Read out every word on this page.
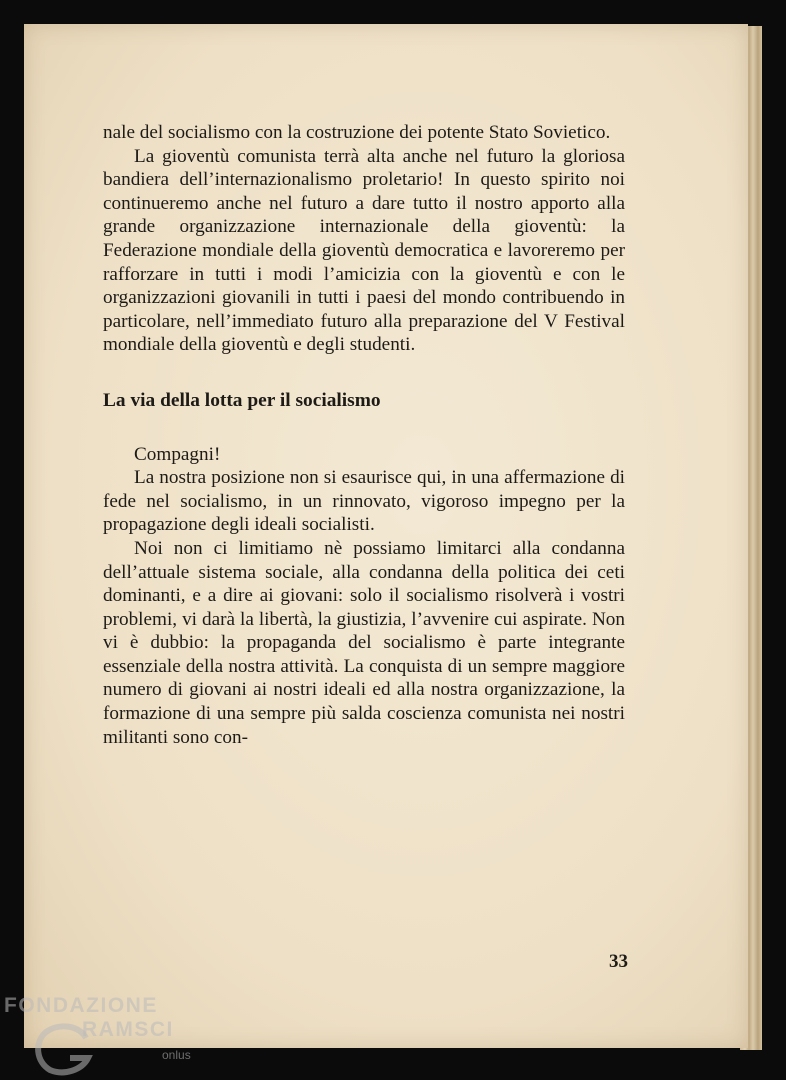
nale del socialismo con la costruzione dei potente Stato Sovietico.

La gioventù comunista terrà alta anche nel futuro la gloriosa bandiera dell’internazionalismo proletario! In questo spirito noi continueremo anche nel futuro a dare tutto il nostro apporto alla grande organizzazione internazionale della gioventù: la Federazione mondiale della gioventù democratica e lavoreremo per rafforzare in tutti i modi l’amicizia con la gioventù e con le organizzazioni giovanili in tutti i paesi del mondo contribuendo in particolare, nell’immediato futuro alla preparazione del V Festival mondiale della gioventù e degli studenti.

La via della lotta per il socialismo

Compagni!

La nostra posizione non si esaurisce qui, in una affermazione di fede nel socialismo, in un rinnovato, vigoroso impegno per la propagazione degli ideali socialisti.

Noi non ci limitiamo nè possiamo limitarci alla condanna dell’attuale sistema sociale, alla condanna della politica dei ceti dominanti, e a dire ai giovani: solo il socialismo risolverà i vostri problemi, vi darà la libertà, la giustizia, l’avvenire cui aspirate. Non vi è dubbio: la propaganda del socialismo è parte integrante essenziale della nostra attività. La conquista di un sempre maggiore numero di giovani ai nostri ideali ed alla nostra organizzazione, la formazione di una sempre più salda coscienza comunista nei nostri militanti sono con-

33
FONDAZIONE
RAMSCI
onlus
